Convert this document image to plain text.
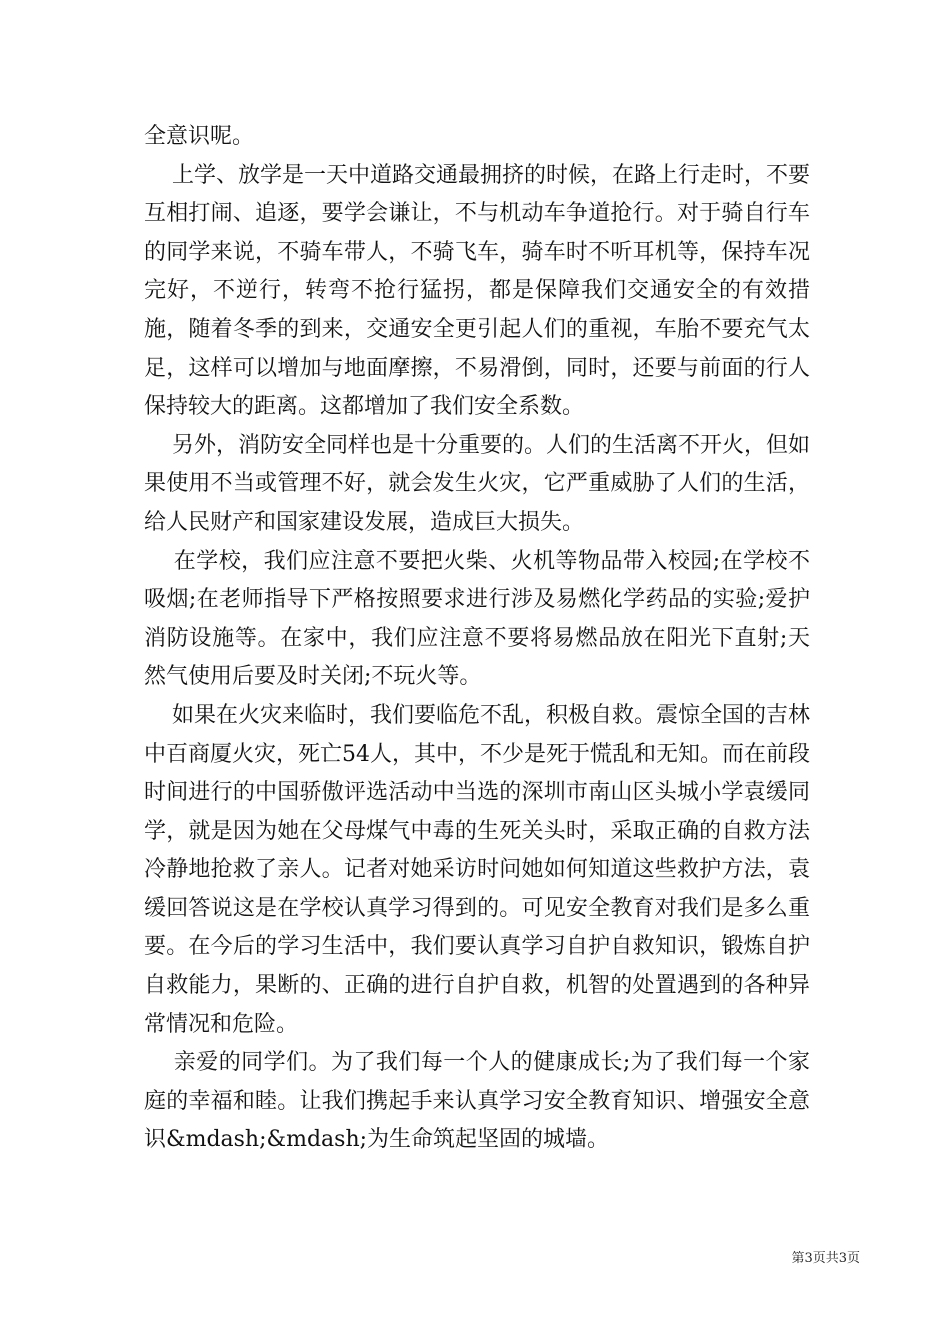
全意识呢。

上学、放学是一天中道路交通最拥挤的时候，在路上行走时，不要互相打闹、追逐，要学会谦让，不与机动车争道抢行。对于骑自行车的同学来说，不骑车带人，不骑飞车，骑车时不听耳机等，保持车况完好，不逆行，转弯不抢行猛拐，都是保障我们交通安全的有效措施，随着冬季的到来，交通安全更引起人们的重视，车胎不要充气太足，这样可以增加与地面摩擦，不易滑倒，同时，还要与前面的行人保持较大的距离。这都增加了我们安全系数。

另外，消防安全同样也是十分重要的。人们的生活离不开火，但如果使用不当或管理不好，就会发生火灾，它严重威胁了人们的生活，给人民财产和国家建设发展，造成巨大损失。

在学校，我们应注意不要把火柴、火机等物品带入校园;在学校不吸烟;在老师指导下严格按照要求进行涉及易燃化学药品的实验;爱护消防设施等。在家中，我们应注意不要将易燃品放在阳光下直射;天然气使用后要及时关闭;不玩火等。

如果在火灾来临时，我们要临危不乱，积极自救。震惊全国的吉林中百商厦火灾，死亡54人，其中，不少是死于慌乱和无知。而在前段时间进行的中国骄傲评选活动中当选的深圳市南山区头城小学袁缓同学，就是因为她在父母煤气中毒的生死关头时，采取正确的自救方法冷静地抢救了亲人。记者对她采访时问她如何知道这些救护方法，袁缓回答说这是在学校认真学习得到的。可见安全教育对我们是多么重要。在今后的学习生活中，我们要认真学习自护自救知识，锻炼自护自救能力，果断的、正确的进行自护自救，机智的处置遇到的各种异常情况和危险。

亲爱的同学们。为了我们每一个人的健康成长;为了我们每一个家庭的幸福和睦。让我们携起手来认真学习安全教育知识、增强安全意识&mdash;&mdash;为生命筑起坚固的城墙。

第3页共3页
